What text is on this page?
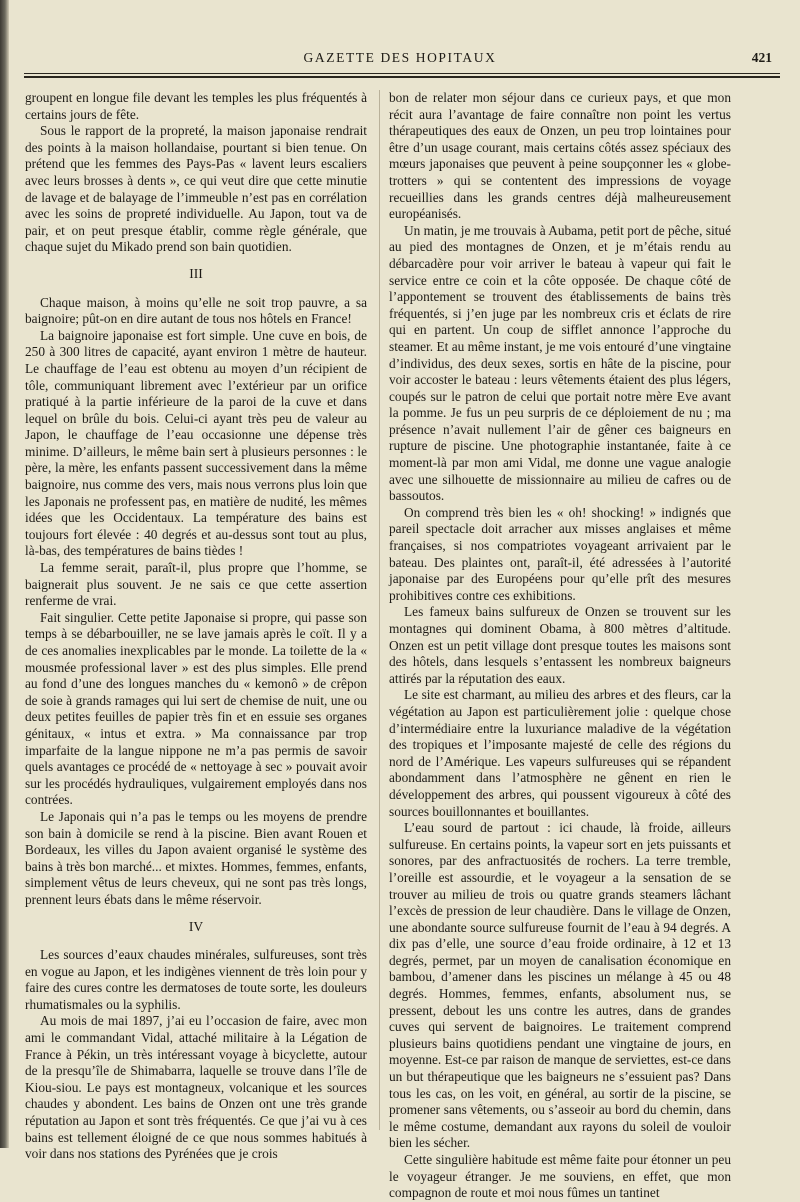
GAZETTE DES HOPITAUX	421

groupent en longue file devant les temples les plus fréquentés à certains jours de fête.

Sous le rapport de la propreté, la maison japonaise rendrait des points à la maison hollandaise, pourtant si bien tenue. On prétend que les femmes des Pays-Pas « lavent leurs escaliers avec leurs brosses à dents », ce qui veut dire que cette minutie de lavage et de balayage de l’immeuble n’est pas en corrélation avec les soins de propreté individuelle. Au Japon, tout va de pair, et on peut presque établir, comme règle générale, que chaque sujet du Mikado prend son bain quotidien.

III

Chaque maison, à moins qu’elle ne soit trop pauvre, a sa baignoire; pût-on en dire autant de tous nos hôtels en France!

La baignoire japonaise est fort simple. Une cuve en bois, de 250 à 300 litres de capacité, ayant environ 1 mètre de hauteur. Le chauffage de l’eau est obtenu au moyen d’un récipient de tôle, communiquant librement avec l’extérieur par un orifice pratiqué à la partie inférieure de la paroi de la cuve et dans lequel on brûle du bois. Celui-ci ayant très peu de valeur au Japon, le chauffage de l’eau occasionne une dépense très minime. D’ailleurs, le même bain sert à plusieurs personnes : le père, la mère, les enfants passent successivement dans la même baignoire, nus comme des vers, mais nous verrons plus loin que les Japonais ne professent pas, en matière de nudité, les mêmes idées que les Occidentaux. La température des bains est toujours fort élevée : 40 degrés et au-dessus sont tout au plus, là-bas, des températures de bains tièdes !

La femme serait, paraît-il, plus propre que l’homme, se baignerait plus souvent. Je ne sais ce que cette assertion renferme de vrai.

Fait singulier. Cette petite Japonaise si propre, qui passe son temps à se débarbouiller, ne se lave jamais après le coït. Il y a de ces anomalies inexplicables par le monde. La toilette de la « mousmée professional laver » est des plus simples. Elle prend au fond d’une des longues manches du « kemonô » de crêpon de soie à grands ramages qui lui sert de chemise de nuit, une ou deux petites feuilles de papier très fin et en essuie ses organes génitaux, « intus et extra. » Ma connaissance par trop imparfaite de la langue nippone ne m’a pas permis de savoir quels avantages ce procédé de « nettoyage à sec » pouvait avoir sur les procédés hydrauliques, vulgairement employés dans nos contrées.

Le Japonais qui n’a pas le temps ou les moyens de prendre son bain à domicile se rend à la piscine. Bien avant Rouen et Bordeaux, les villes du Japon avaient organisé le système des bains à très bon marché... et mixtes. Hommes, femmes, enfants, simplement vêtus de leurs cheveux, qui ne sont pas très longs, prennent leurs ébats dans le même réservoir.

IV

Les sources d’eaux chaudes minérales, sulfureuses, sont très en vogue au Japon, et les indigènes viennent de très loin pour y faire des cures contre les dermatoses de toute sorte, les douleurs rhumatismales ou la syphilis.

Au mois de mai 1897, j’ai eu l’occasion de faire, avec mon ami le commandant Vidal, attaché militaire à la Légation de France à Pékin, un très intéressant voyage à bicyclette, autour de la presqu’île de Shimabarra, laquelle se trouve dans l’île de Kiou-siou. Le pays est montagneux, volcanique et les sources chaudes y abondent. Les bains de Onzen ont une très grande réputation au Japon et sont très fréquentés. Ce que j’ai vu à ces bains est tellement éloigné de ce que nous sommes habitués à voir dans nos stations des Pyrénées que je crois

bon de relater mon séjour dans ce curieux pays, et que mon récit aura l’avantage de faire connaître non point les vertus thérapeutiques des eaux de Onzen, un peu trop lointaines pour être d’un usage courant, mais certains côtés assez spéciaux des mœurs japonaises que peuvent à peine soupçonner les « globe-trotters » qui se contentent des impressions de voyage recueillies dans les grands centres déjà malheureusement européanisés.

Un matin, je me trouvais à Aubama, petit port de pêche, situé au pied des montagnes de Onzen, et je m’étais rendu au débarcadère pour voir arriver le bateau à vapeur qui fait le service entre ce coin et la côte opposée. De chaque côté de l’appontement se trouvent des établissements de bains très fréquentés, si j’en juge par les nombreux cris et éclats de rire qui en partent. Un coup de sifflet annonce l’approche du steamer. Et au même instant, je me vois entouré d’une vingtaine d’individus, des deux sexes, sortis en hâte de la piscine, pour voir accoster le bateau : leurs vêtements étaient des plus légers, coupés sur le patron de celui que portait notre mère Eve avant la pomme. Je fus un peu surpris de ce déploiement de nu ; ma présence n’avait nullement l’air de gêner ces baigneurs en rupture de piscine. Une photographie instantanée, faite à ce moment-là par mon ami Vidal, me donne une vague analogie avec une silhouette de missionnaire au milieu de cafres ou de bassoutos.

On comprend très bien les « oh! shocking! » indignés que pareil spectacle doit arracher aux misses anglaises et même françaises, si nos compatriotes voyageant arrivaient par le bateau. Des plaintes ont, paraît-il, été adressées à l’autorité japonaise par des Européens pour qu’elle prît des mesures prohibitives contre ces exhibitions.

Les fameux bains sulfureux de Onzen se trouvent sur les montagnes qui dominent Obama, à 800 mètres d’altitude. Onzen est un petit village dont presque toutes les maisons sont des hôtels, dans lesquels s’entassent les nombreux baigneurs attirés par la réputation des eaux.

Le site est charmant, au milieu des arbres et des fleurs, car la végétation au Japon est particulièrement jolie : quelque chose d’intermédiaire entre la luxuriance maladive de la végétation des tropiques et l’imposante majesté de celle des régions du nord de l’Amérique. Les vapeurs sulfureuses qui se répandent abondamment dans l’atmosphère ne gênent en rien le développement des arbres, qui poussent vigoureux à côté des sources bouillonnantes et bouillantes.

L’eau sourd de partout : ici chaude, là froide, ailleurs sulfureuse. En certains points, la vapeur sort en jets puissants et sonores, par des anfractuosités de rochers. La terre tremble, l’oreille est assourdie, et le voyageur a la sensation de se trouver au milieu de trois ou quatre grands steamers lâchant l’excès de pression de leur chaudière. Dans le village de Onzen, une abondante source sulfureuse fournit de l’eau à 94 degrés. A dix pas d’elle, une source d’eau froide ordinaire, à 12 et 13 degrés, permet, par un moyen de canalisation économique en bambou, d’amener dans les piscines un mélange à 45 ou 48 degrés. Hommes, femmes, enfants, absolument nus, se pressent, debout les uns contre les autres, dans de grandes cuves qui servent de baignoires. Le traitement comprend plusieurs bains quotidiens pendant une vingtaine de jours, en moyenne. Est-ce par raison de manque de serviettes, est-ce dans un but thérapeutique que les baigneurs ne s’essuient pas? Dans tous les cas, on les voit, en général, au sortir de la piscine, se promener sans vêtements, ou s’asseoir au bord du chemin, dans le même costume, demandant aux rayons du soleil de vouloir bien les sécher.

Cette singulière habitude est même faite pour étonner un peu le voyageur étranger. Je me souviens, en effet, que mon compagnon de route et moi nous fûmes un tantinet
